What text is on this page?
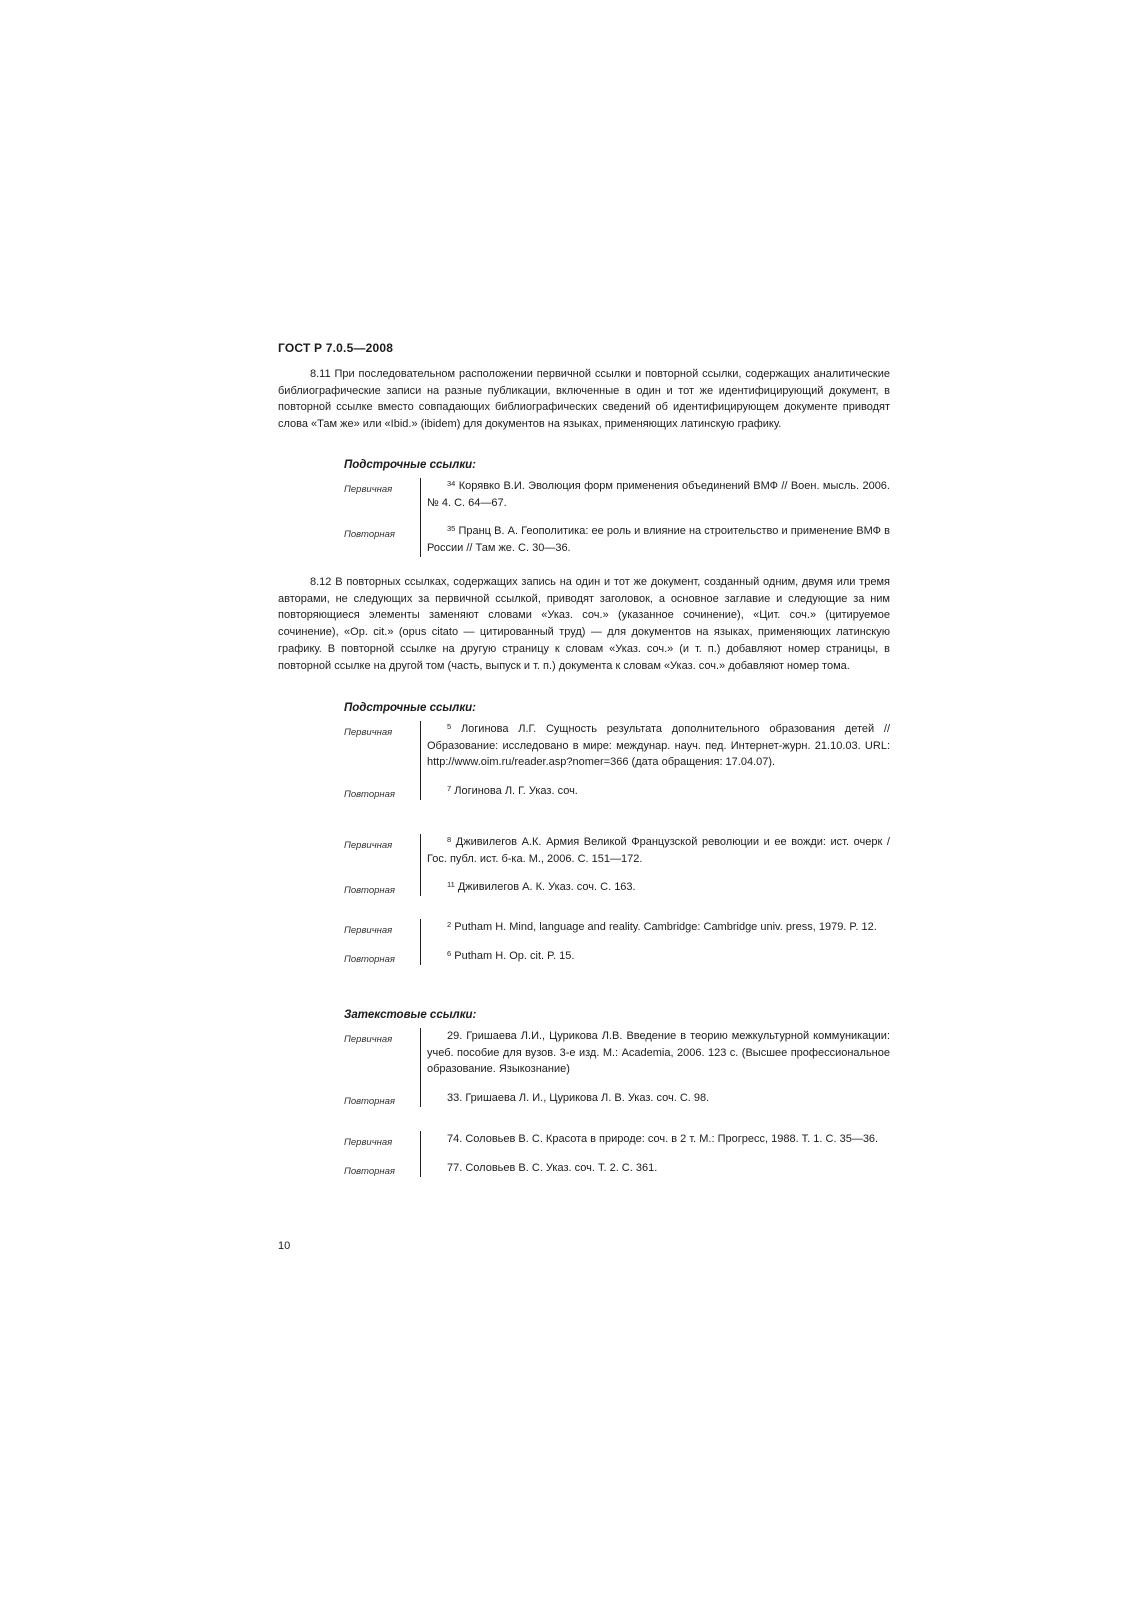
ГОСТ Р 7.0.5—2008

8.11 При последовательном расположении первичной ссылки и повторной ссылки, содержащих аналитические библиографические записи на разные публикации, включенные в один и тот же идентифицирующий документ, в повторной ссылке вместо совпадающих библиографических сведений об идентифицирующем документе приводят слова «Там же» или «Ibid.» (ibidem) для документов на языках, применяющих латинскую графику.

Подстрочные ссылки:
Первичная
$^{34}$ Корявко В.И. Эволюция форм применения объединений ВМФ // Воен. мысль. 2006. № 4. С. 64—67.
Повторная
$^{35}$ Пранц В. А. Геополитика: ее роль и влияние на строительство и применение ВМФ в России // Там же. С. 30—36.

8.12 В повторных ссылках, содержащих запись на один и тот же документ, созданный одним, двумя или тремя авторами, не следующих за первичной ссылкой, приводят заголовок, а основное заглавие и следующие за ним повторяющиеся элементы заменяют словами «Указ. соч.» (указанное сочинение), «Цит. соч.» (цитируемое сочинение), «Op. cit.» (opus citato — цитированный труд) — для документов на языках, применяющих латинскую графику. В повторной ссылке на другую страницу к словам «Указ. соч.» (и т. п.) добавляют номер страницы, в повторной ссылке на другой том (часть, выпуск и т. п.) документа к словам «Указ. соч.» добавляют номер тома.

Подстрочные ссылки:
Первичная
$^5$ Логинова Л.Г. Сущность результата дополнительного образования детей // Образование: исследовано в мире: междунар. науч. пед. Интернет-журн. 21.10.03. URL: http://www.oim.ru/reader.asp?nomer=366 (дата обращения: 17.04.07).
Повторная
$^7$ Логинова Л. Г. Указ. соч.
Первичная
$^8$ Дживилегов А.К. Армия Великой Французской революции и ее вожди: ист. очерк / Гос. публ. ист. б-ка. М., 2006. С. 151—172.
Повторная
$^{11}$ Дживилегов А. К. Указ. соч. С. 163.
Первичная
$^2$ Putham H. Mind, language and reality. Cambridge: Cambridge univ. press, 1979. P. 12.
Повторная
$^6$ Putham H. Op. cit. P. 15.
Затекстовые ссылки:
Первичная	29. Гришаева Л.И., Цурикова Л.В. Введение в теорию межкультурной коммуникации: учеб. пособие для вузов. 3-е изд. М.: Academia, 2006. 123 с. (Высшее профессиональное образование. Языкознание)
Повторная	33. Гришаева Л. И., Цурикова Л. В. Указ. соч. С. 98.
Первичная	74. Соловьев В. С. Красота в природе: соч. в 2 т. М.: Прогресс, 1988. Т. 1. С. 35—36.
Повторная	77. Соловьев В. С. Указ. соч. Т. 2. С. 361.
10
